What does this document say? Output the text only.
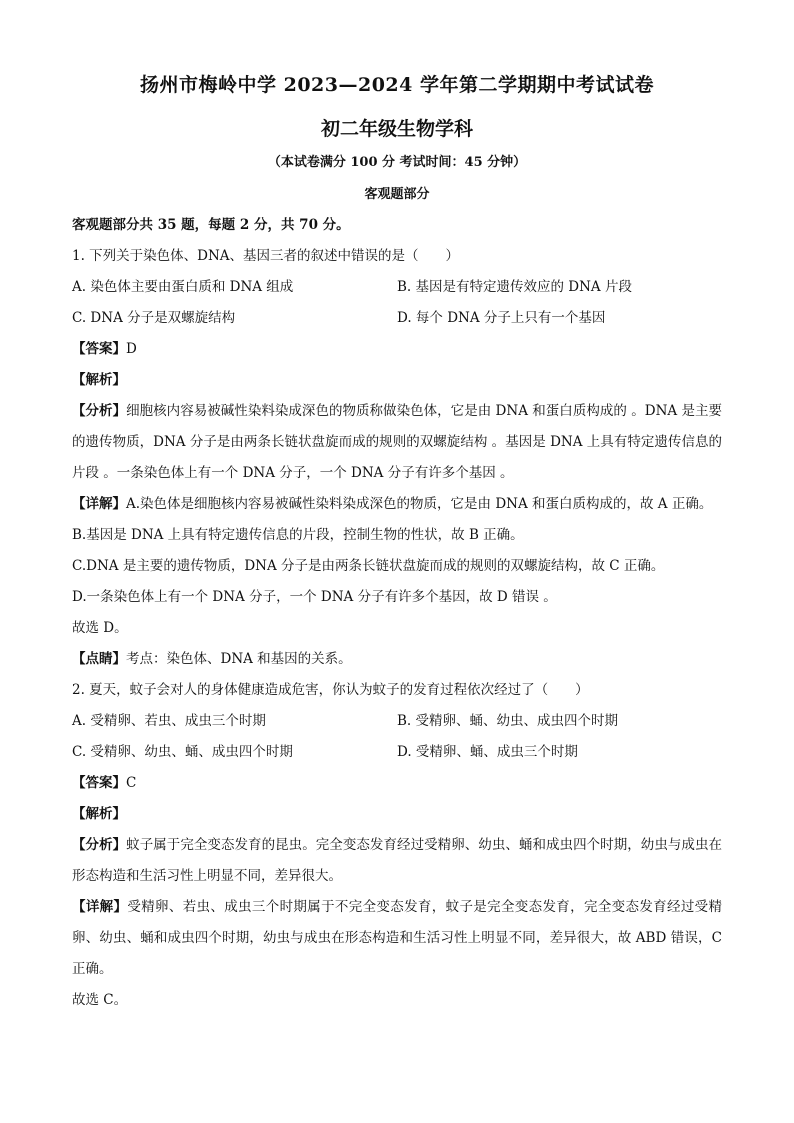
扬州市梅岭中学 2023—2024 学年第二学期期中考试试卷
初二年级生物学科
（本试卷满分 100 分 考试时间：45 分钟）
客观题部分
客观题部分共 35 题，每题 2 分，共 70 分。
1. 下列关于染色体、DNA、基因三者的叙述中错误的是（　　）
A. 染色体主要由蛋白质和 DNA 组成	B. 基因是有特定遗传效应的 DNA 片段
C. DNA 分子是双螺旋结构	D. 每个 DNA 分子上只有一个基因
【答案】D
【解析】
【分析】细胞核内容易被碱性染料染成深色的物质称做染色体，它是由 DNA 和蛋白质构成的 。DNA 是主要的遗传物质，DNA 分子是由两条长链状盘旋而成的规则的双螺旋结构 。基因是 DNA 上具有特定遗传信息的片段 。一条染色体上有一个 DNA 分子，一个 DNA 分子有许多个基因 。
【详解】A.染色体是细胞核内容易被碱性染料染成深色的物质，它是由 DNA 和蛋白质构成的，故 A 正确。
B.基因是 DNA 上具有特定遗传信息的片段，控制生物的性状，故 B 正确。
C.DNA 是主要的遗传物质，DNA 分子是由两条长链状盘旋而成的规则的双螺旋结构，故 C 正确。
D.一条染色体上有一个 DNA 分子，一个 DNA 分子有许多个基因，故 D 错误 。
故选 D。
【点睛】考点：染色体、DNA 和基因的关系。
2. 夏天，蚊子会对人的身体健康造成危害，你认为蚊子的发育过程依次经过了（　　）
A. 受精卵、若虫、成虫三个时期	B. 受精卵、蛹、幼虫、成虫四个时期
C. 受精卵、幼虫、蛹、成虫四个时期	D. 受精卵、蛹、成虫三个时期
【答案】C
【解析】
【分析】蚊子属于完全变态发育的昆虫。完全变态发育经过受精卵、幼虫、蛹和成虫四个时期，幼虫与成虫在形态构造和生活习性上明显不同，差异很大。
【详解】受精卵、若虫、成虫三个时期属于不完全变态发育，蚊子是完全变态发育，完全变态发育经过受精卵、幼虫、蛹和成虫四个时期，幼虫与成虫在形态构造和生活习性上明显不同，差异很大，故 ABD 错误，C 正确。
故选 C。
